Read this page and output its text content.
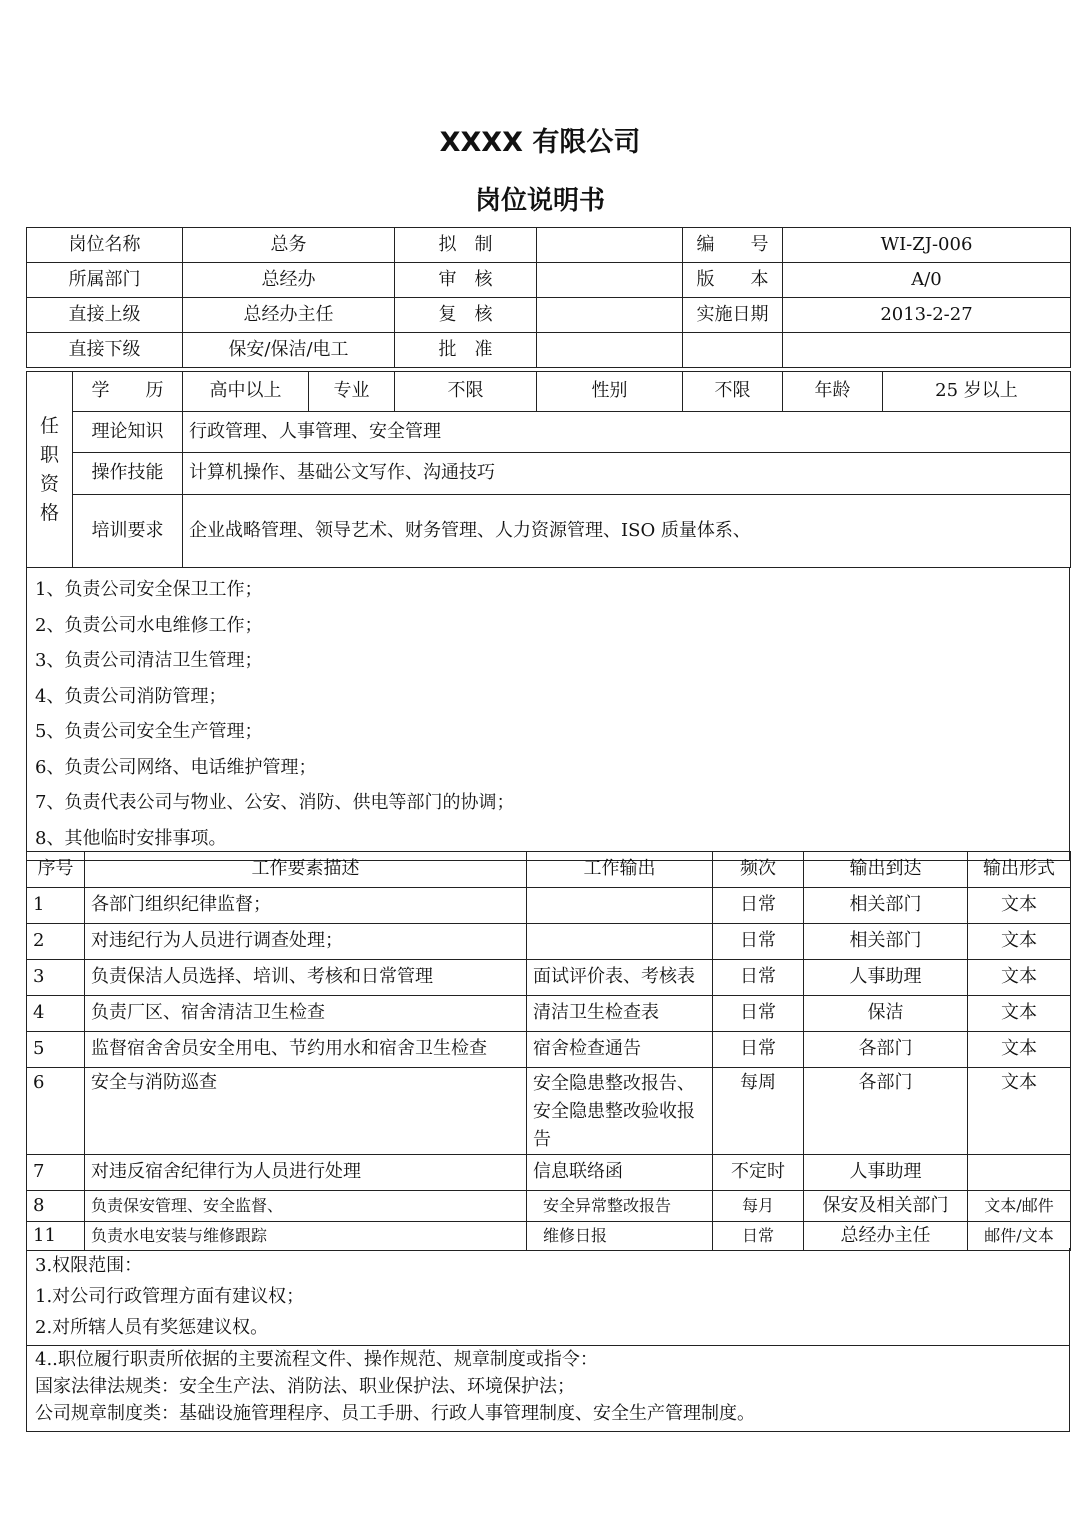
XXXX 有限公司
岗位说明书
岗位名称	总务	拟　制		编　　号	WI-ZJ-006
所属部门	总经办	审　核		版　　本	A/0
直接上级	总经办主任	复　核		实施日期	2013-2-27
直接下级	保安/保洁/电工	批　准			
任职资格	学　　历	高中以上	专业	不限	性别	不限	年龄	25 岁以上
	理论知识	行政管理、人事管理、安全管理						
	操作技能	计算机操作、基础公文写作、沟通技巧						
	培训要求	企业战略管理、领导艺术、财务管理、人力资源管理、ISO 质量体系、						
1、负责公司安全保卫工作；
2、负责公司水电维修工作；
3、负责公司清洁卫生管理；
4、负责公司消防管理；
5、负责公司安全生产管理；
6、负责公司网络、电话维护管理；
7、负责代表公司与物业、公安、消防、供电等部门的协调；
8、其他临时安排事项。
序号	工作要素描述	工作输出	频次	输出到达	输出形式
1	各部门组织纪律监督；		日常	相关部门	文本
2	对违纪行为人员进行调查处理；		日常	相关部门	文本
3	负责保洁人员选择、培训、考核和日常管理	面试评价表、考核表	日常	人事助理	文本
4	负责厂区、宿舍清洁卫生检查	清洁卫生检查表	日常	保洁	文本
5	监督宿舍舍员安全用电、节约用水和宿舍卫生检查	宿舍检查通告	日常	各部门	文本
6	安全与消防巡查	安全隐患整改报告、安全隐患整改验收报告	每周	各部门	文本
7	对违反宿舍纪律行为人员进行处理	信息联络函	不定时	人事助理	
8	负责保安管理、安全监督、	安全异常整改报告	每月	保安及相关部门	文本/邮件
11	负责水电安装与维修跟踪	维修日报	日常	总经办主任	邮件/文本
3.权限范围：
1.对公司行政管理方面有建议权；
2.对所辖人员有奖惩建议权。
4..职位履行职责所依据的主要流程文件、操作规范、规章制度或指令：
国家法律法规类：安全生产法、消防法、职业保护法、环境保护法；
公司规章制度类：基础设施管理程序、员工手册、行政人事管理制度、安全生产管理制度。
